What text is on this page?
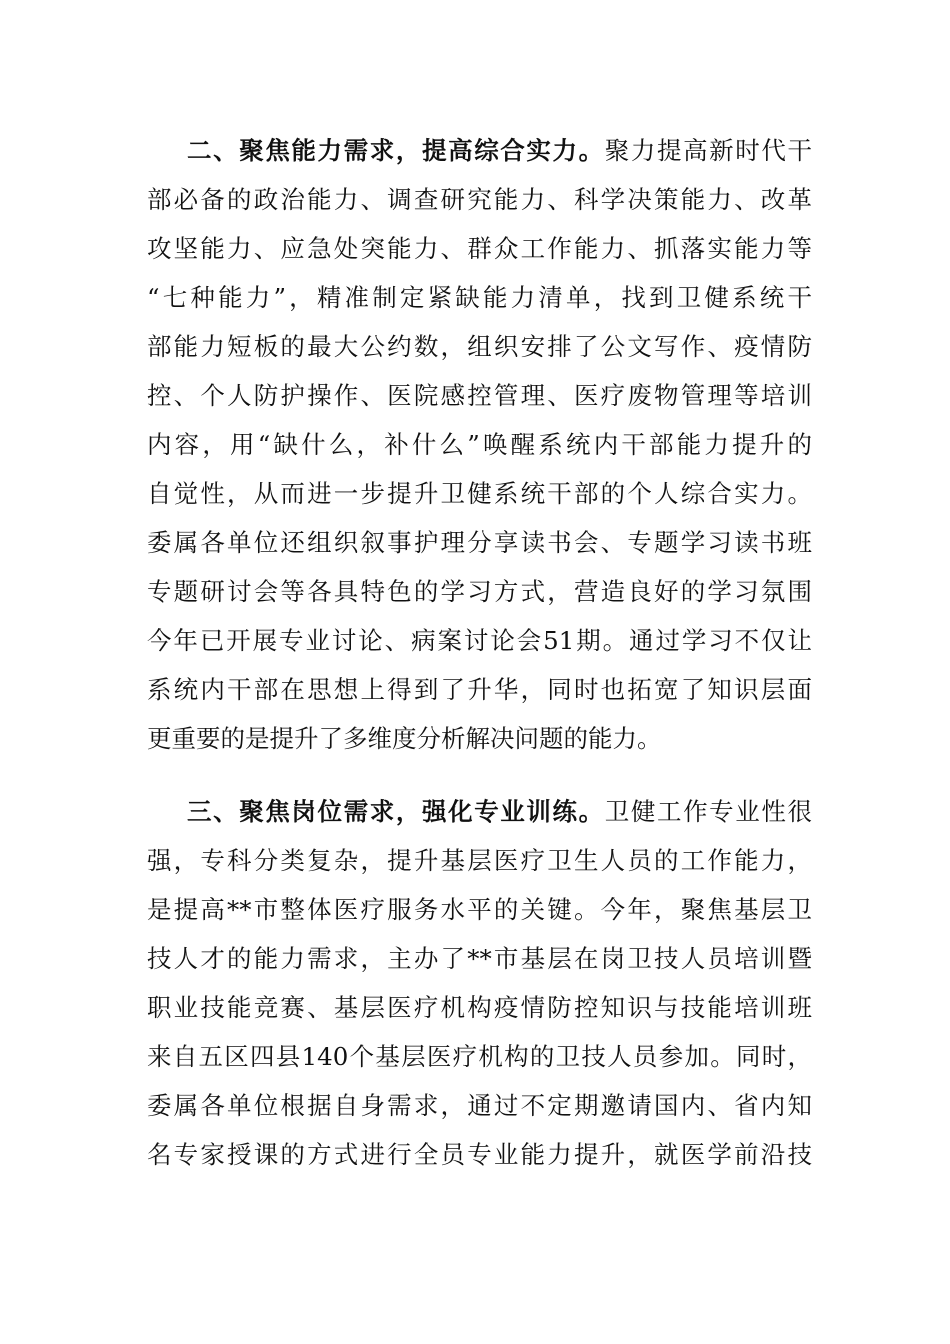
二、聚焦能力需求，提高综合实力。聚力提高新时代干
部必备的政治能力、调查研究能力、科学决策能力、改革
攻坚能力、应急处突能力、群众工作能力、抓落实能力等
“七种能力”，精准制定紧缺能力清单，找到卫健系统干
部能力短板的最大公约数，组织安排了公文写作、疫情防
控、个人防护操作、医院感控管理、医疗废物管理等培训
内容，用“缺什么，补什么”唤醒系统内干部能力提升的
自觉性，从而进一步提升卫健系统干部的个人综合实力。
委属各单位还组织叙事护理分享读书会、专题学习读书班
专题研讨会等各具特色的学习方式，营造良好的学习氛围
今年已开展专业讨论、病案讨论会51期。通过学习不仅让
系统内干部在思想上得到了升华，同时也拓宽了知识层面
更重要的是提升了多维度分析解决问题的能力。
三、聚焦岗位需求，强化专业训练。卫健工作专业性很
强，专科分类复杂，提升基层医疗卫生人员的工作能力，
是提高**市整体医疗服务水平的关键。今年，聚焦基层卫
技人才的能力需求，主办了**市基层在岗卫技人员培训暨
职业技能竞赛、基层医疗机构疫情防控知识与技能培训班
来自五区四县140个基层医疗机构的卫技人员参加。同时，
委属各单位根据自身需求，通过不定期邀请国内、省内知
名专家授课的方式进行全员专业能力提升，就医学前沿技
